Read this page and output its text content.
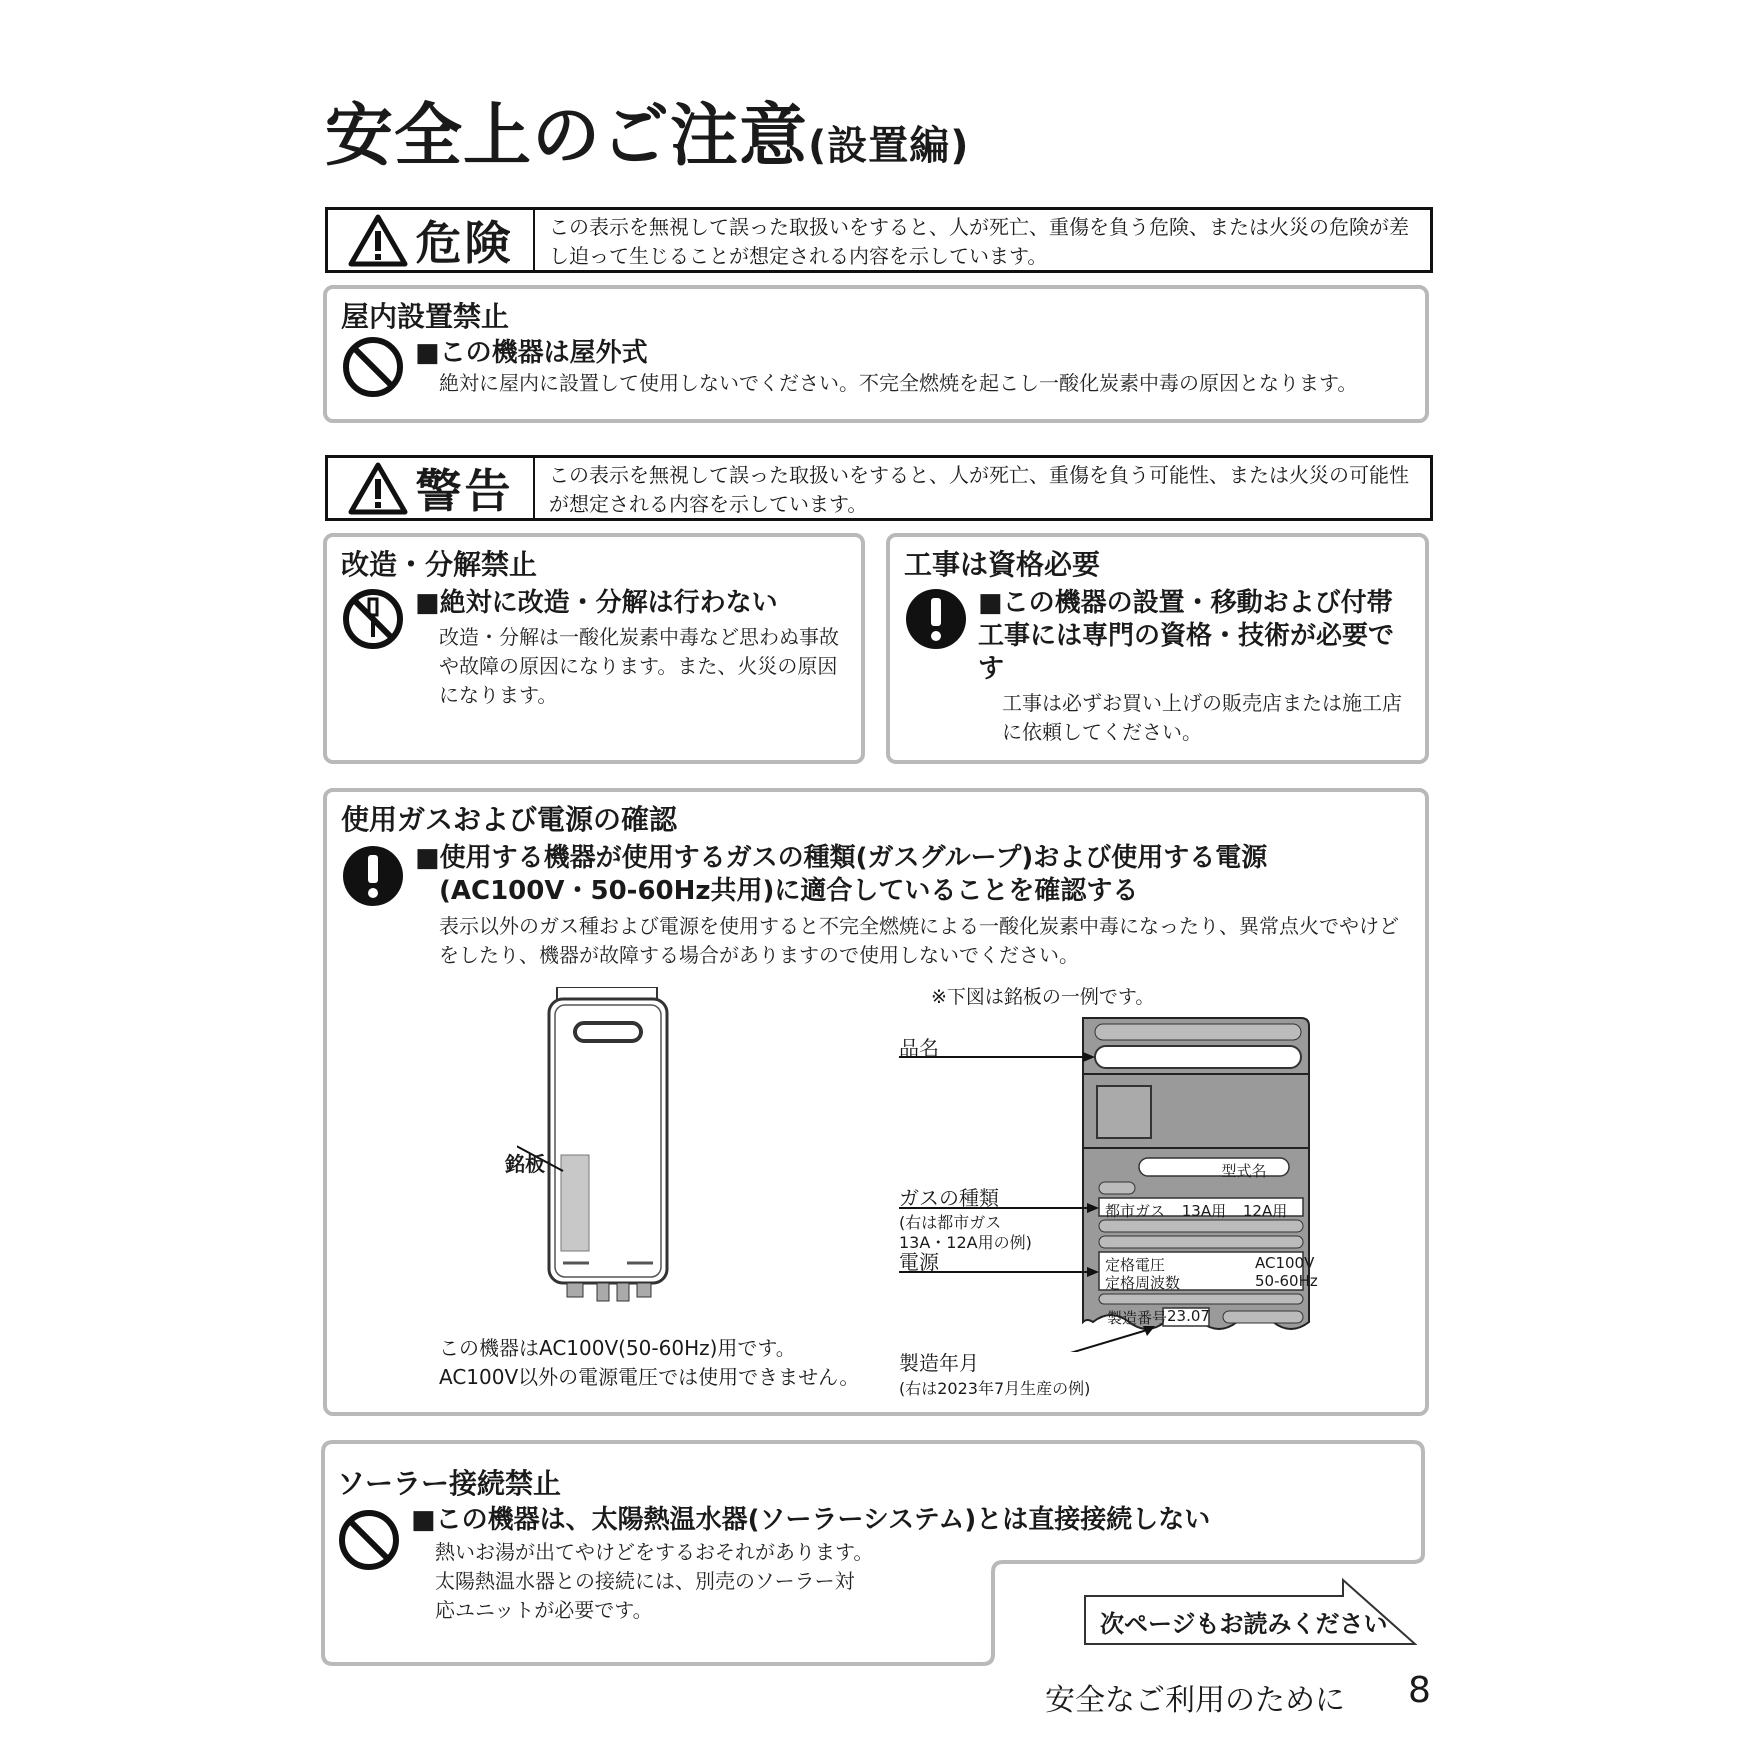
安全上のご注意(設置編)
危険	この表示を無視して誤った取扱いをすると、人が死亡、重傷を負う危険、または火災の危険が差し迫って生じることが想定される内容を示しています。
屋内設置禁止
■この機器は屋外式
絶対に屋内に設置して使用しないでください。不完全燃焼を起こし一酸化炭素中毒の原因となります。
警告	この表示を無視して誤った取扱いをすると、人が死亡、重傷を負う可能性、または火災の可能性が想定される内容を示しています。
改造・分解禁止
■絶対に改造・分解は行わない
改造・分解は一酸化炭素中毒など思わぬ事故や故障の原因になります。また、火災の原因になります。
工事は資格必要
■この機器の設置・移動および付帯工事には専門の資格・技術が必要です
工事は必ずお買い上げの販売店または施工店に依頼してください。
使用ガスおよび電源の確認
■使用する機器が使用するガスの種類(ガスグループ)および使用する電源
(AC100V・50-60Hz共用)に適合していることを確認する
表示以外のガス種および電源を使用すると不完全燃焼による一酸化炭素中毒になったり、異常点火でやけどをしたり、機器が故障する場合がありますので使用しないでください。
銘板
この機器はAC100V(50-60Hz)用です。
AC100V以外の電源電圧では使用できません。
※下図は銘板の一例です。
品名
ガスの種類
(右は都市ガス
13A・12A用の例)
電源
製造年月
(右は2023年7月生産の例)
型式名
都市ガス 13A用 12A用
定格電圧	AC100V
定格周波数	50-60Hz
製造番号 23.07
ソーラー接続禁止
■この機器は、太陽熱温水器(ソーラーシステム)とは直接接続しない
熱いお湯が出てやけどをするおそれがあります。
太陽熱温水器との接続には、別売のソーラー対
応ユニットが必要です。	次ページもお読みください
安全なご利用のために 8
